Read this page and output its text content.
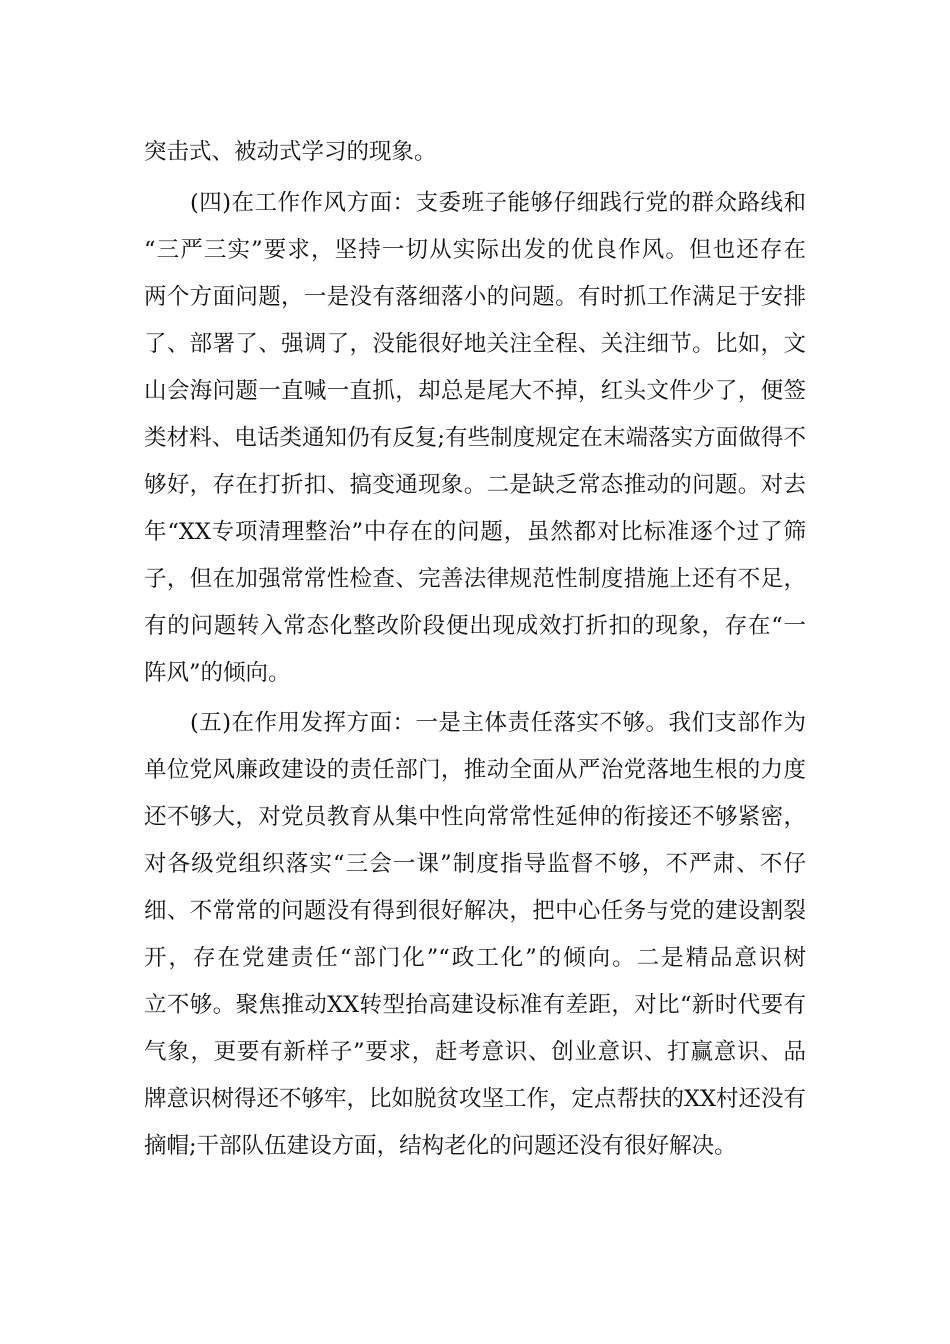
突击式、被动式学习的现象。
(四)在工作作风方面：支委班子能够仔细践行党的群众路线和
“三严三实”要求，坚持一切从实际出发的优良作风。但也还存在
两个方面问题，一是没有落细落小的问题。有时抓工作满足于安排
了、部署了、强调了，没能很好地关注全程、关注细节。比如，文
山会海问题一直喊一直抓，却总是尾大不掉，红头文件少了，便签
类材料、电话类通知仍有反复;有些制度规定在末端落实方面做得不
够好，存在打折扣、搞变通现象。二是缺乏常态推动的问题。对去
年“XX专项清理整治”中存在的问题，虽然都对比标准逐个过了筛
子，但在加强常常性检查、完善法律规范性制度措施上还有不足，
有的问题转入常态化整改阶段便出现成效打折扣的现象，存在“一
阵风”的倾向。
(五)在作用发挥方面：一是主体责任落实不够。我们支部作为
单位党风廉政建设的责任部门，推动全面从严治党落地生根的力度
还不够大，对党员教育从集中性向常常性延伸的衔接还不够紧密，
对各级党组织落实“三会一课”制度指导监督不够，不严肃、不仔
细、不常常的问题没有得到很好解决，把中心任务与党的建设割裂
开，存在党建责任“部门化”“政工化”的倾向。二是精品意识树
立不够。聚焦推动XX转型抬高建设标准有差距，对比“新时代要有
气象，更要有新样子”要求，赶考意识、创业意识、打赢意识、品
牌意识树得还不够牢，比如脱贫攻坚工作，定点帮扶的XX村还没有
摘帽;干部队伍建设方面，结构老化的问题还没有很好解决。
